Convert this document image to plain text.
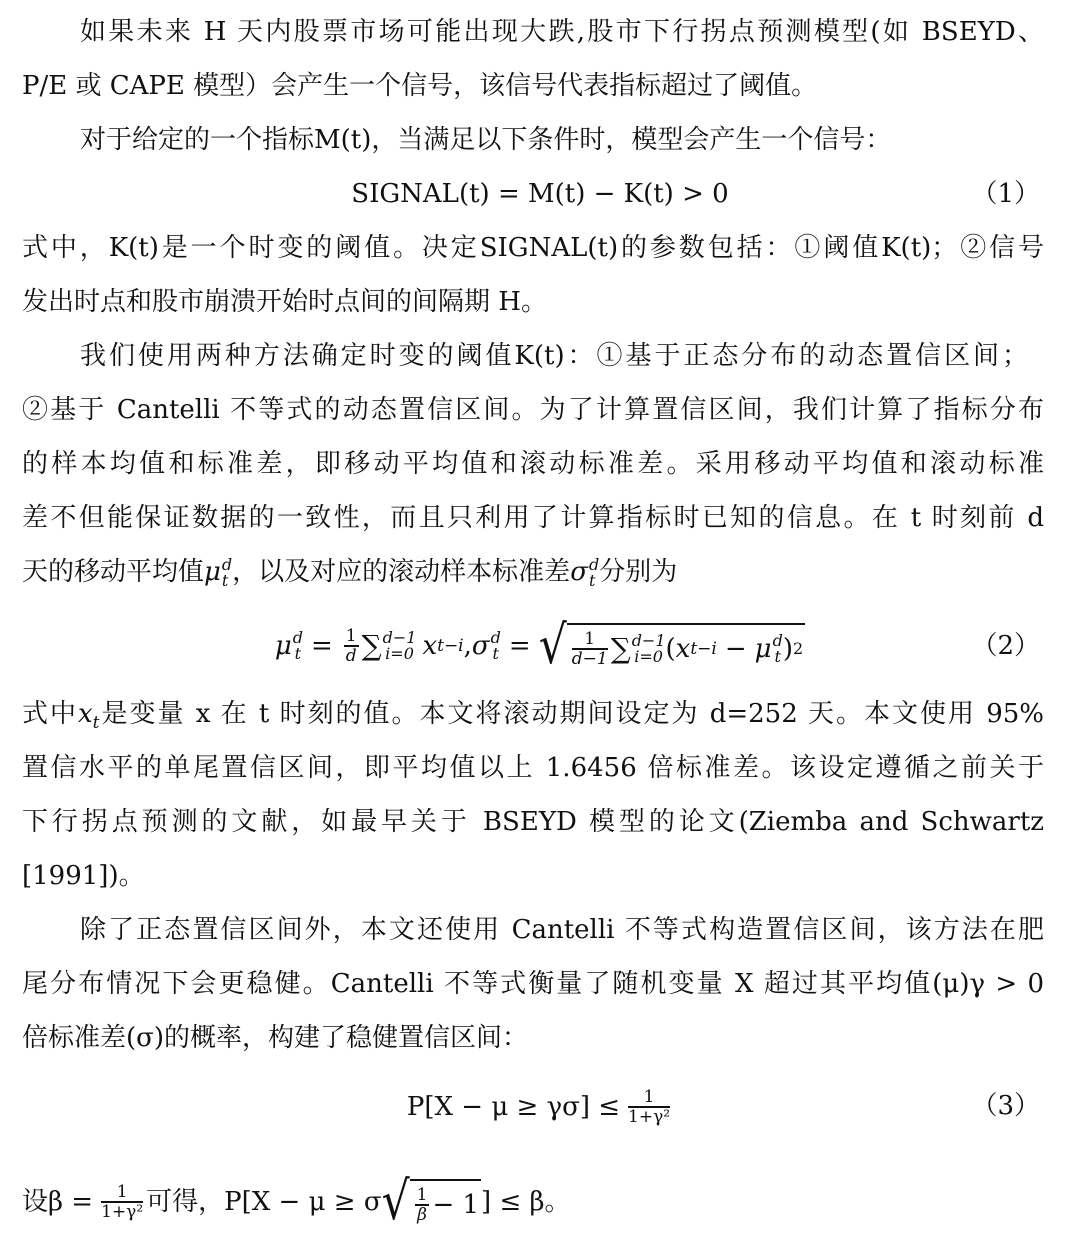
如果未来 H 天内股票市场可能出现大跌,股市下行拐点预测模型(如 BSEYD、
P/E 或 CAPE 模型）会产生一个信号，该信号代表指标超过了阈值。
对于给定的一个指标M(t)，当满足以下条件时，模型会产生一个信号：
SIGNAL(t) = M(t) − K(t) > 0	（1）
式中，K(t)是一个时变的阈值。决定SIGNAL(t)的参数包括：①阈值K(t)；②信号
发出时点和股市崩溃开始时点间的间隔期 H。
我们使用两种方法确定时变的阈值K(t)：①基于正态分布的动态置信区间；
②基于 Cantelli 不等式的动态置信区间。为了计算置信区间，我们计算了指标分布
的样本均值和标准差，即移动平均值和滚动标准差。采用移动平均值和滚动标准
差不但能保证数据的一致性，而且只利用了计算指标时已知的信息。在 t 时刻前 d
天的移动平均值μ d
t ，以及对应的滚动样本标准差σ d
t 分别为
μ d
$t = \frac{1}{d}$ ∑ d−1
i=0 x t−i , σ d
t = √ $\frac{1}{d-1}$ ∑ d−1
i=0 ( x t−i − μ d
t ) 2	（2）
式中$x_t$是变量 x 在 t 时刻的值。本文将滚动期间设定为 d=252 天。本文使用 95%
置信水平的单尾置信区间，即平均值以上 1.6456 倍标准差。该设定遵循之前关于
下行拐点预测的文献，如最早关于 BSEYD 模型的论文(Ziemba and Schwartz
[1991])。
除了正态置信区间外，本文还使用 Cantelli 不等式构造置信区间，该方法在肥
尾分布情况下会更稳健。Cantelli 不等式衡量了随机变量 X 超过其平均值(μ)γ > 0
倍标准差(σ)的概率，构建了稳健置信区间：
$P[X - \mu \ge \gamma\sigma] \le \frac{1}{\text{1+γ²}}$	（3）
设$\beta = \frac{1}{\text{1+γ²}}$ 可得，P[X − μ ≥ σ √ $\frac{1}{\beta} - 1$ ] ≤ β。
